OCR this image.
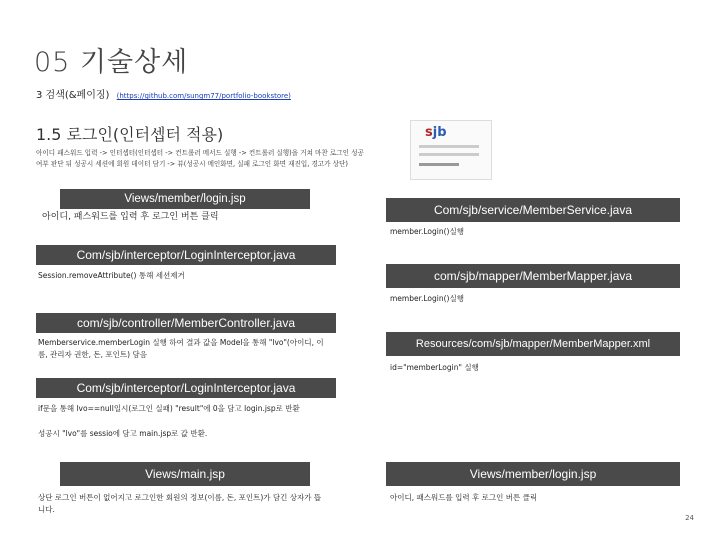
05 기술상세
3 검색(&페이징) (https://github.com/sungm77/portfolio-bookstore)
1.5 로그인(인터셉터 적용)
아이디 패스워드 입력 -> 인터셉터(인터셉터 -> 컨트롤러 메서드 실행 -> 컨트롤러 실행)을 거쳐 마찬 로그인 성공 여부 판단 뒤 성공시 세션에 회원 데이터 담기 -> 뷰(성공시 메인화면, 실패 로그인 화면 재진입, 경고가 상단)
sjb
Views/member/login.jsp
아이디, 패스워드를 입력 후 로그인 버튼 클릭
Com/sjb/interceptor/LoginInterceptor.java
Session.removeAttribute() 통해 세션제거
com/sjb/controller/MemberController.java
Memberservice.memberLogin 실행 하여 결과 값을 Model을 통해 "lvo"(아이디, 이름, 관리자 권한, 돈, 포인트) 담음
Com/sjb/interceptor/LoginInterceptor.java
if문을 통해 lvo==null일시(로그인 실패) "result"에 0을 담고 login.jsp로 반환
성공시 "lvo"를 sessio에 담고 main.jsp로 값 반환.
Views/main.jsp
상단 로그인 버튼이 없어지고 로그인한 회원의 정보(이름, 돈, 포인트)가 담긴 상자가 뜹니다.
Com/sjb/service/MemberService.java
member.Login()실행
com/sjb/mapper/MemberMapper.java
member.Login()실행
Resources/com/sjb/mapper/MemberMapper.xml
id="memberLogin" 실행
Views/member/login.jsp
아이디, 패스워드를 입력 후 로그인 버튼 클릭
24
